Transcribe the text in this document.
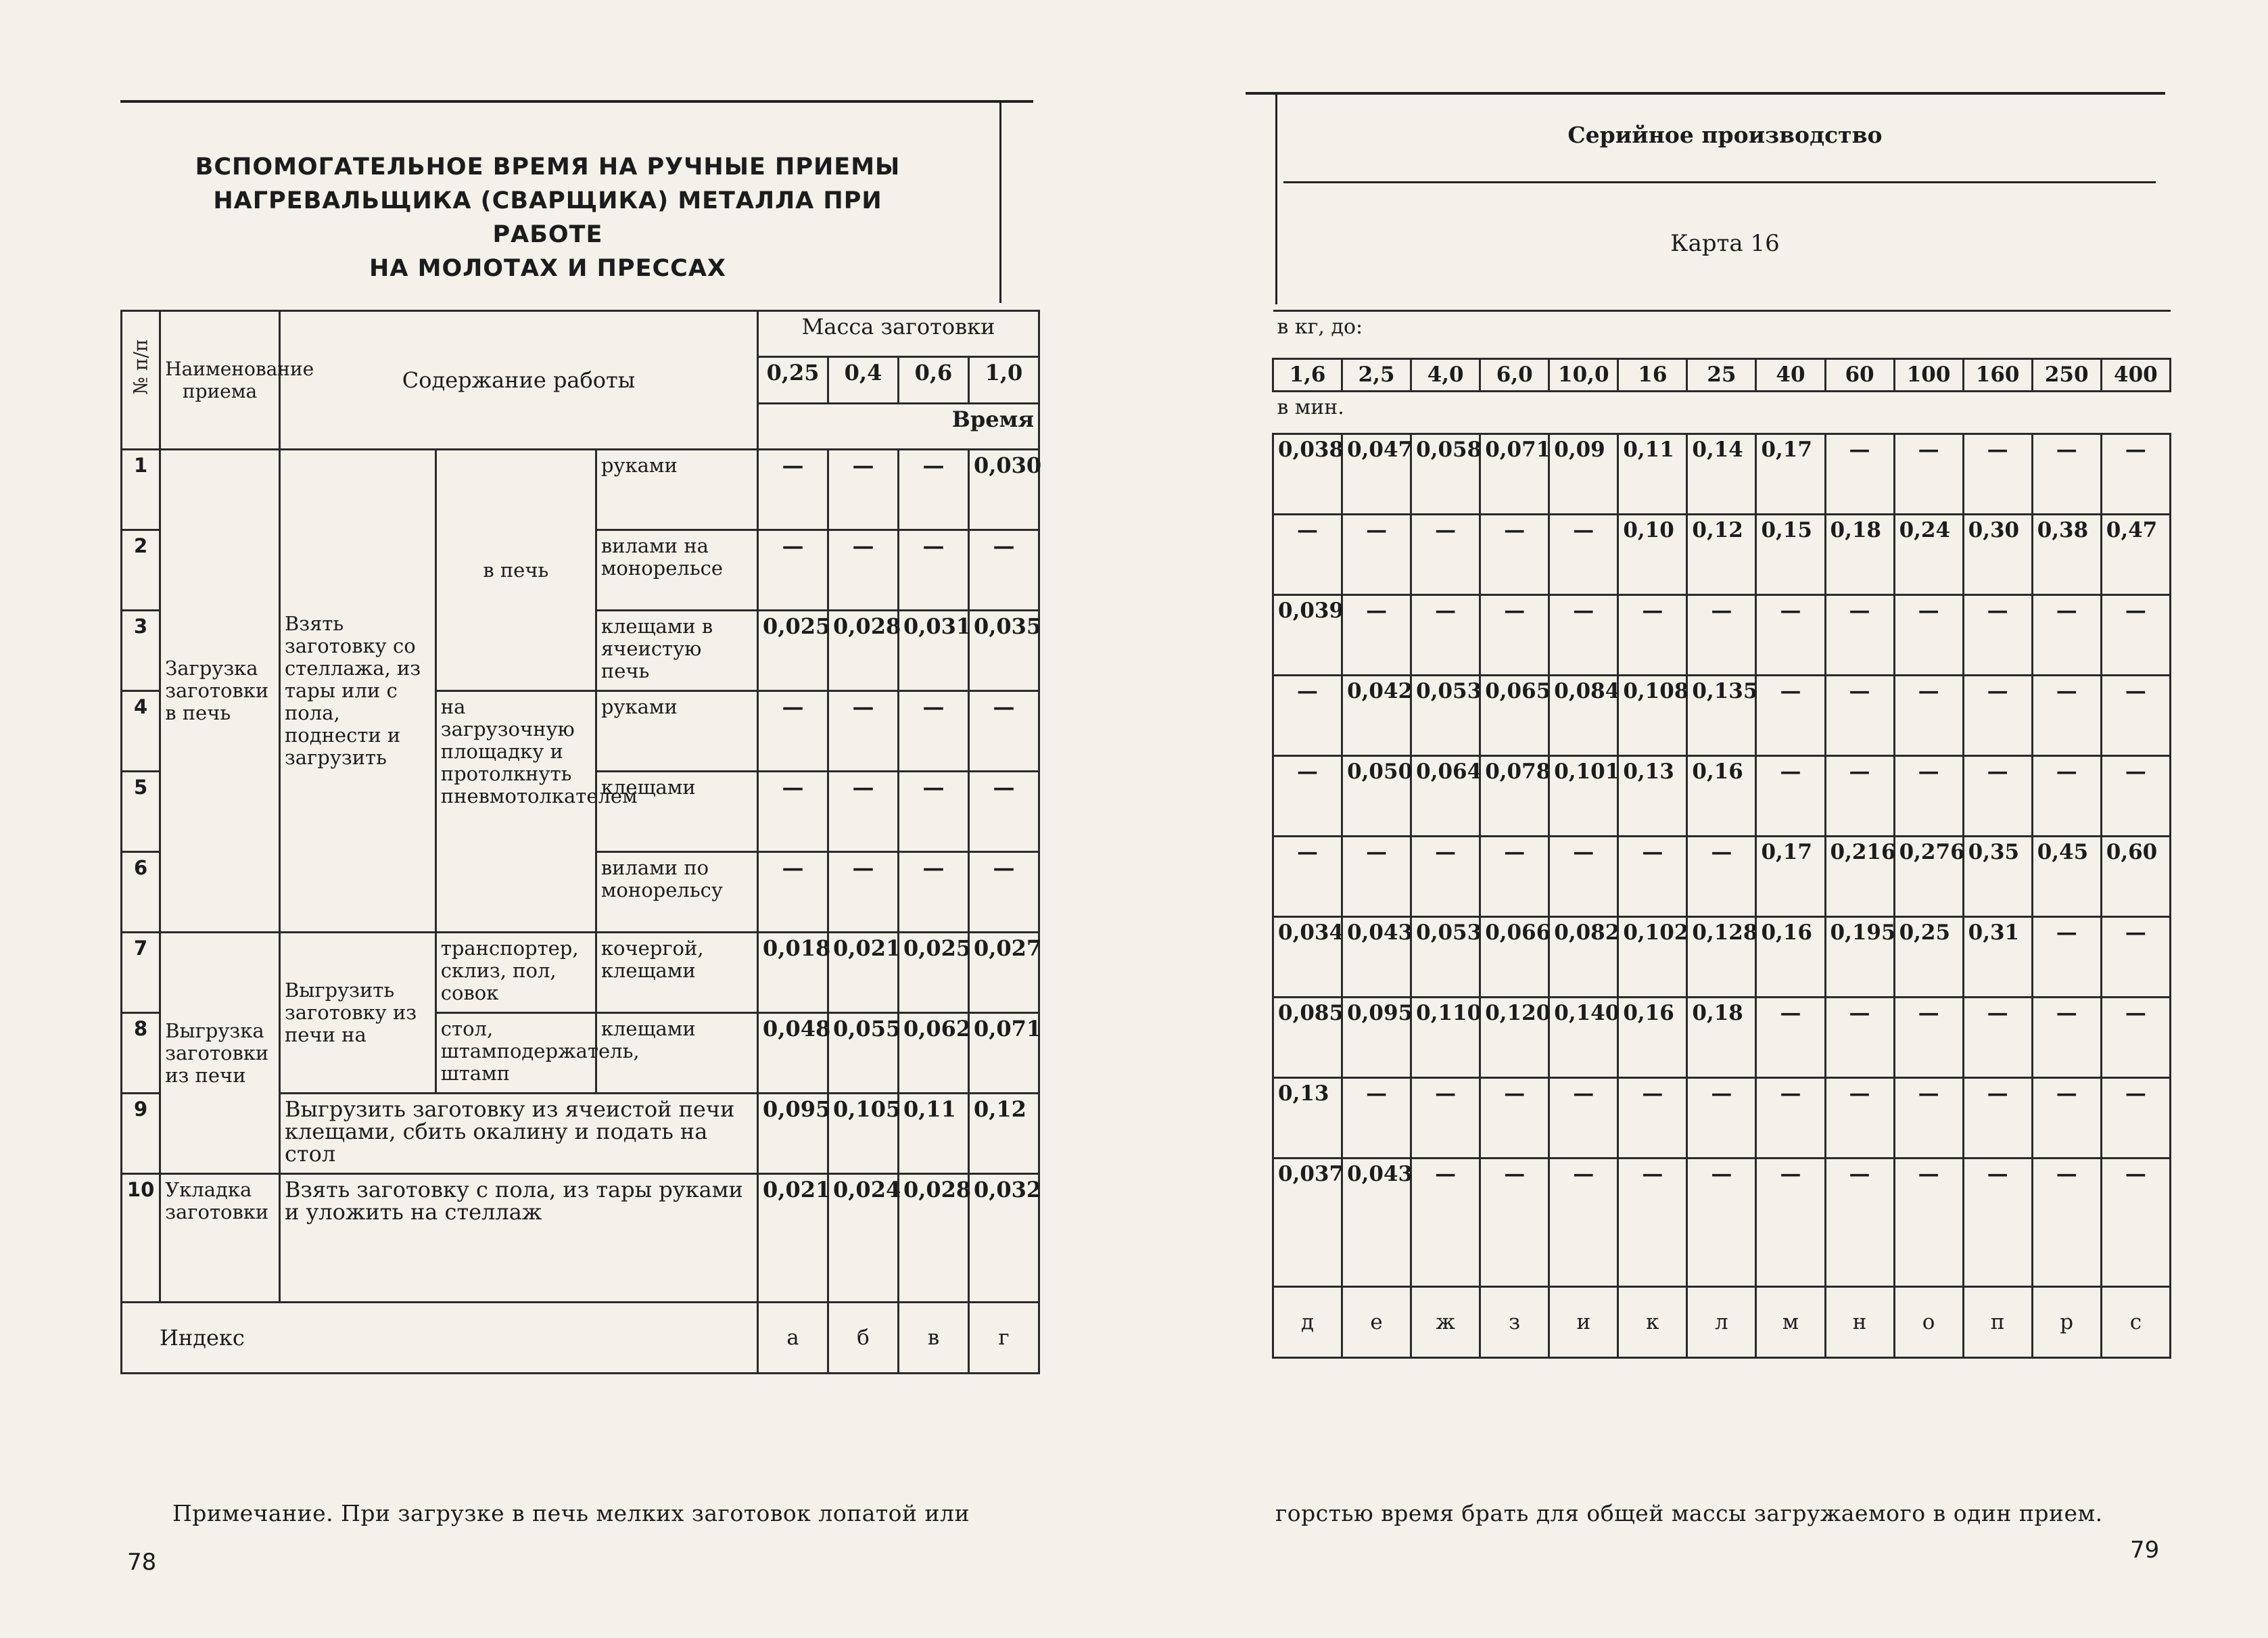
ВСПОМОГАТЕЛЬНОЕ ВРЕМЯ НА РУЧНЫЕ ПРИЕМЫ
НАГРЕВАЛЬЩИКА (СВАРЩИКА) МЕТАЛЛА ПРИ РАБОТЕ
НА МОЛОТАХ И ПРЕССАХ
№ п/п	Наименование приема	Содержание работы			Масса заготовки			
					0,25	0,4	0,6	1,0
					Время			
1	Загрузка заготовки в печь	Взять заготовку со стеллажа, из тары или с пола, поднести и загрузить	в печь	руками	—	—	—	0,030
2				вилами на монорельсе	—	—	—	—
3				клещами в ячеистую печь	0,025	0,028	0,031	0,035
4			на загрузочную площадку и протолкнуть пневмотолкателем	руками	—	—	—	—
5				клещами	—	—	—	—
6				вилами по монорельсу	—	—	—	—
7	Выгрузка заготовки из печи	Выгрузить заготовку из печи на	транспортер, склиз, пол, совок	кочергой, клещами	0,018	0,021	0,025	0,027
8			стол, штамподержатель, штамп	клещами	0,048	0,055	0,062	0,071
9		Выгрузить заготовку из ячеистой печи клещами, сбить окалину и подать на стол			0,095	0,105	0,11	0,12
10	Укладка заготовки	Взять заготовку с пола, из тары руками и уложить на стеллаж			0,021	0,024	0,028	0,032
Индекс					а	б	в	г
Примечание. При загрузке в печь мелких заготовок лопатой или
78
Серийное производство
Карта 16
в кг, до:												
1,6	2,5	4,0	6,0	10,0	16	25	40	60	100	160	250	400
в мин.												
0,038	0,047	0,058	0,071	0,09	0,11	0,14	0,17	—	—	—	—	—
—	—	—	—	—	0,10	0,12	0,15	0,18	0,24	0,30	0,38	0,47
0,039	—	—	—	—	—	—	—	—	—	—	—	—
—	0,042	0,053	0,065	0,084	0,108	0,135	—	—	—	—	—	—
—	0,050	0,064	0,078	0,101	0,13	0,16	—	—	—	—	—	—
—	—	—	—	—	—	—	0,17	0,216	0,276	0,35	0,45	0,60
0,034	0,043	0,053	0,066	0,082	0,102	0,128	0,16	0,195	0,25	0,31	—	—
0,085	0,095	0,110	0,120	0,140	0,16	0,18	—	—	—	—	—	—
0,13	—	—	—	—	—	—	—	—	—	—	—	—
0,037	0,043	—	—	—	—	—	—	—	—	—	—	—
д	е	ж	з	и	к	л	м	н	о	п	р	с
горстью время брать для общей массы загружаемого в один прием.
79
